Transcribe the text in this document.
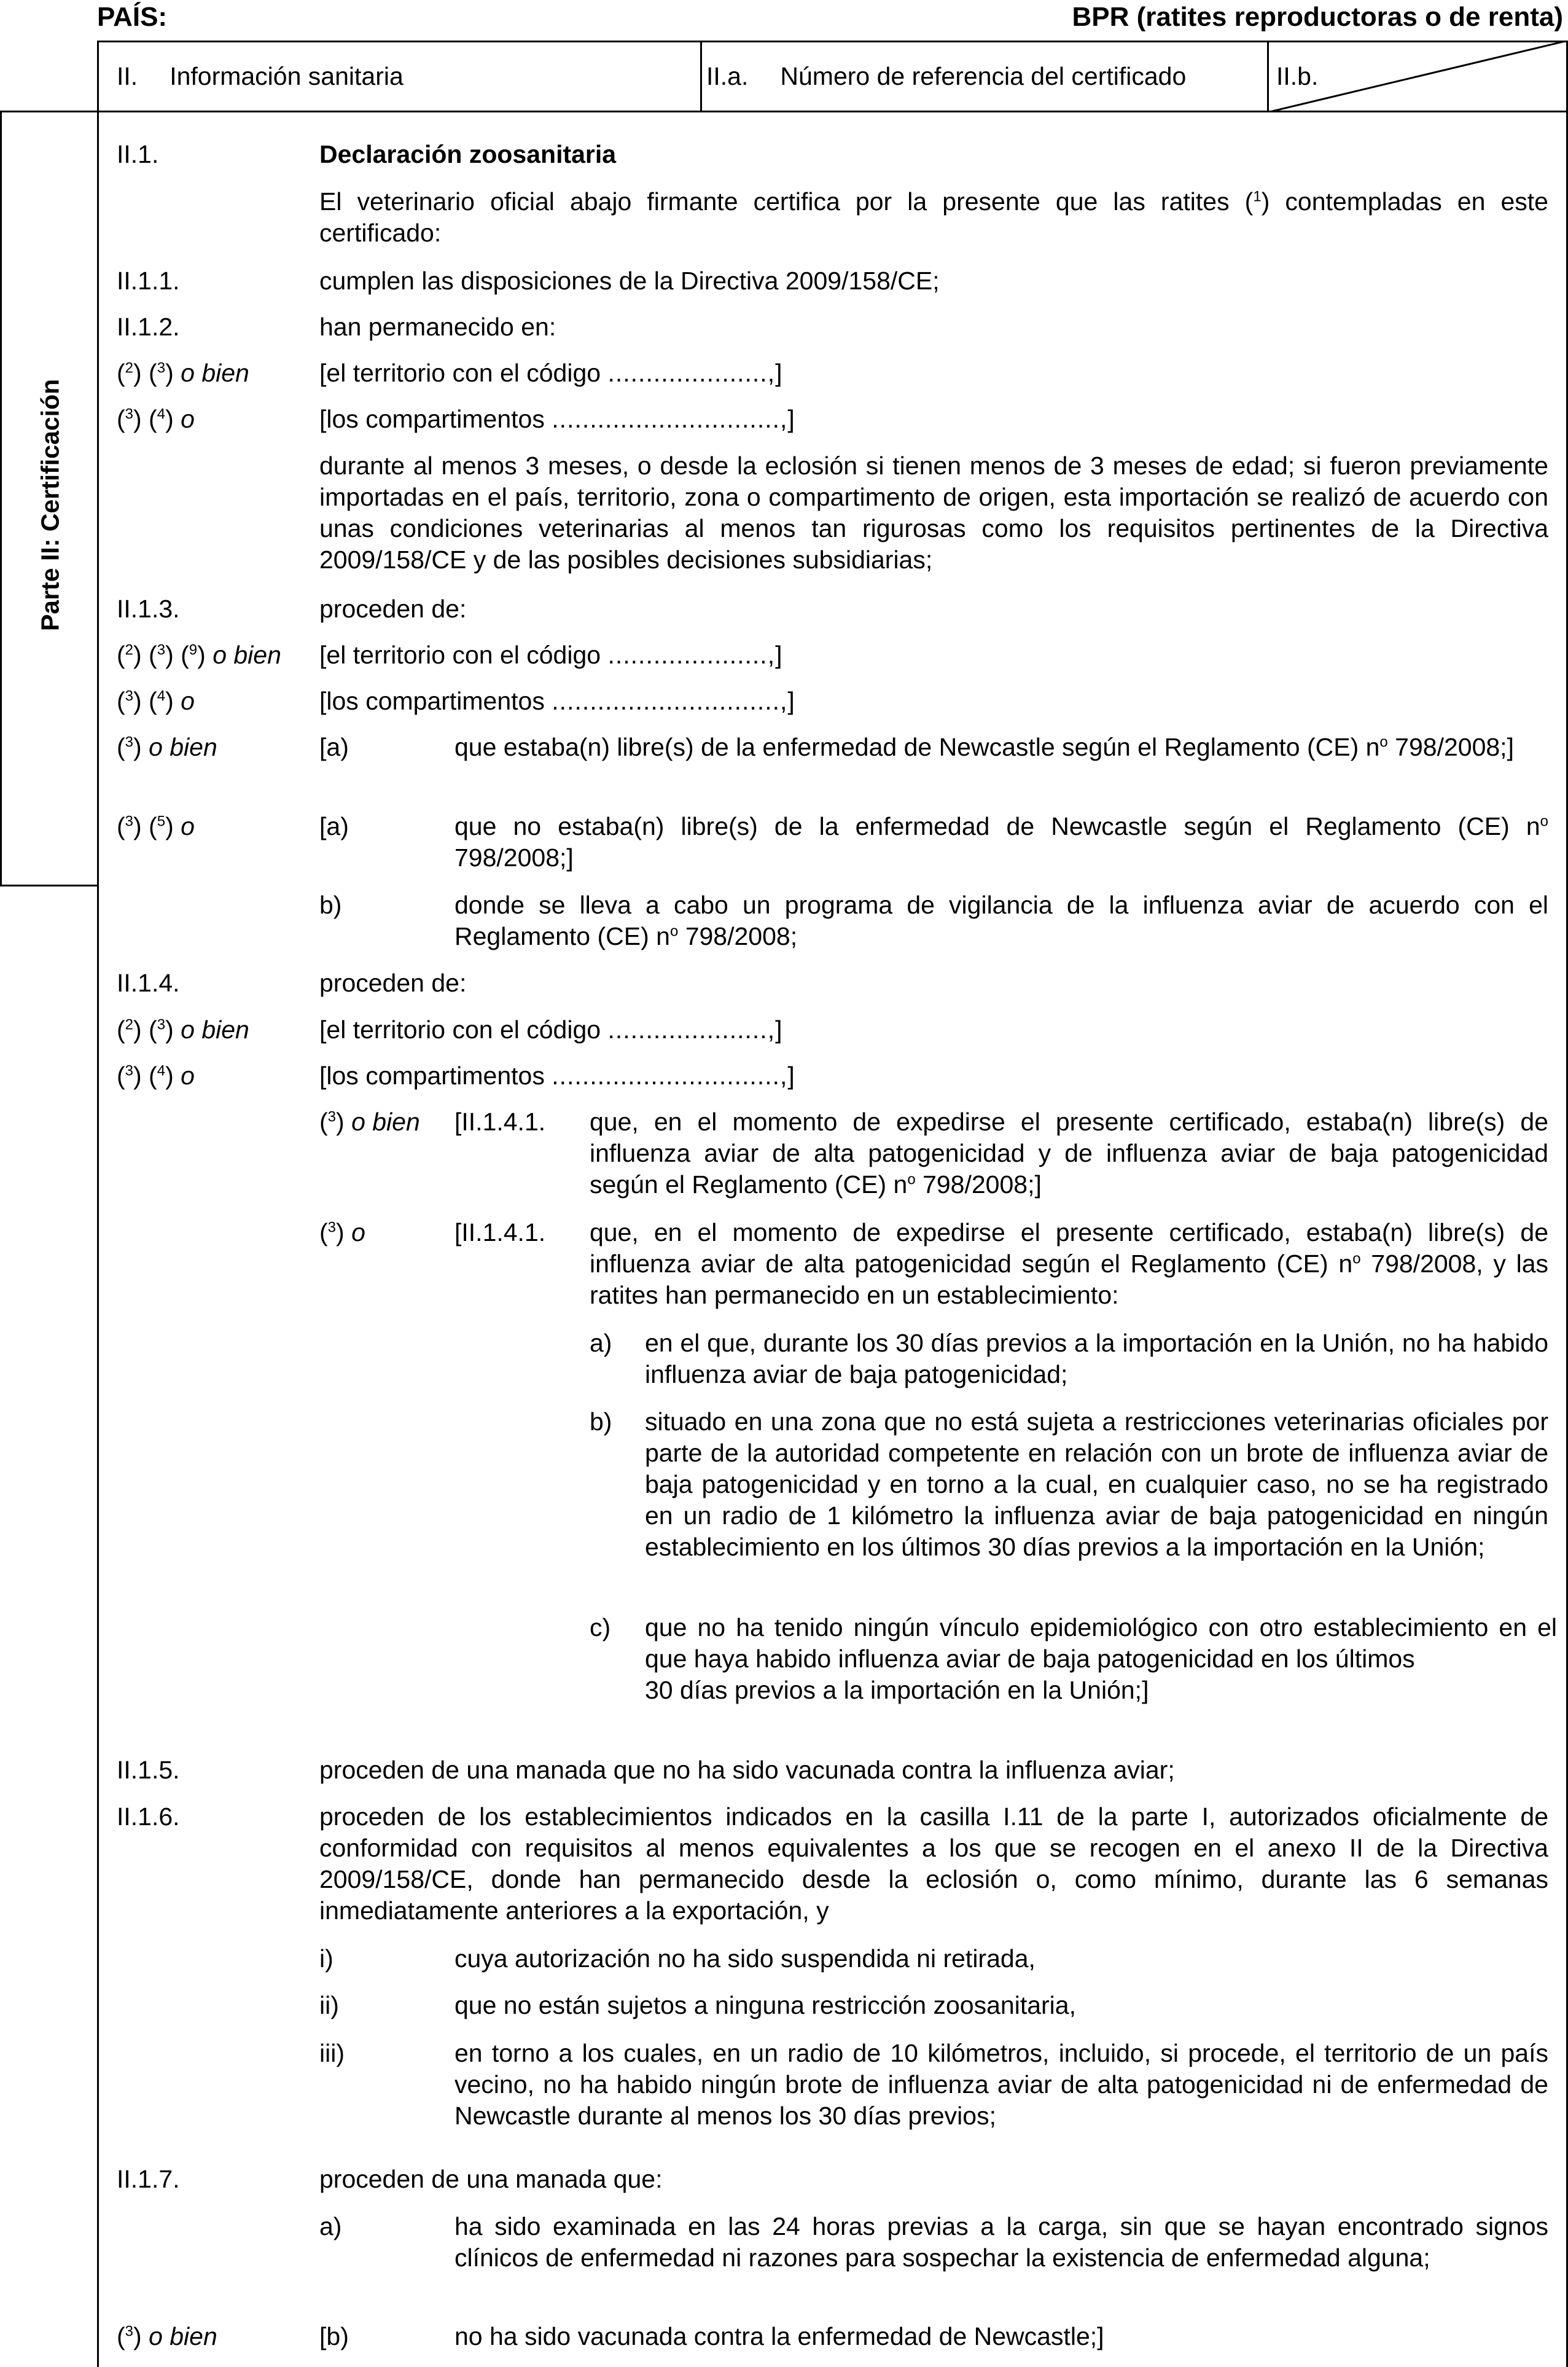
PAÍS:	BPR (ratites reproductoras o de renta)
Parte II: Certificación
II. Información sanitaria	II.a. Número de referencia del certificado	II.b.
II.1.	Declaración zoosanitaria
El veterinario oficial abajo firmante certifica por la presente que las ratites ($^1$) contempladas en este certificado:
II.1.1.	cumplen las disposiciones de la Directiva 2009/158/CE;
II.1.2.	han permanecido en:
($^2$) ($^3$) o bien	[el territorio con el código .....................,]
($^3$) ($^4$) o	[los compartimentos ..............................,]
durante al menos 3 meses, o desde la eclosión si tienen menos de 3 meses de edad; si fueron previamente importadas en el país, territorio, zona o compartimento de origen, esta importación se realizó de acuerdo con unas condiciones veterinarias al menos tan rigurosas como los requisitos pertinentes de la Directiva 2009/158/CE y de las posibles decisiones subsidiarias;
II.1.3.	proceden de:
($^2$) ($^3$) ($^9$) o bien [el territorio con el código .....................,]
($^3$) ($^4$) o	[los compartimentos ..............................,]
($^3$) o bien	[a)	que estaba(n) libre(s) de la enfermedad de Newcastle según el Reglamento (CE) $n^o$ 798/2008;]
($^3$) ($^5$) o	[a)	que no estaba(n) libre(s) de la enfermedad de Newcastle según el Reglamento (CE) $n^o$ 798/2008;]
b)	donde se lleva a cabo un programa de vigilancia de la influenza aviar de acuerdo con el Reglamento (CE) $n^o$ 798/2008;
II.1.4.	proceden de:
($^2$) ($^3$) o bien	[el territorio con el código .....................,]
($^3$) ($^4$) o	[los compartimentos ..............................,]
($^3$) o bien [II.1.4.1. que, en el momento de expedirse el presente certificado, estaba(n) libre(s) de influenza aviar de alta patogenicidad y de influenza aviar de baja patogenicidad según el Reglamento (CE) $n^o$ 798/2008;]
($^3$) o	[II.1.4.1. que, en el momento de expedirse el presente certificado, estaba(n) libre(s) de influenza aviar de alta patogenicidad según el Reglamento (CE) $n^o$ 798/2008, y las ratites han permanecido en un establecimiento:
a) en el que, durante los 30 días previos a la importación en la Unión, no ha habido influenza aviar de baja patogenicidad;
b) situado en una zona que no está sujeta a restricciones veterinarias oficiales por parte de la autoridad competente en relación con un brote de influenza aviar de baja patogenicidad y en torno a la cual, en cualquier caso, no se ha registrado en un radio de 1 kilómetro la influenza aviar de baja patogenicidad en ningún establecimiento en los últimos 30 días previos a la importación en la Unión;
c) que no ha tenido ningún vínculo epidemiológico con otro establecimiento en el que haya habido influenza aviar de baja patogenicidad en los últimos
30 días previos a la importación en la Unión;]
II.1.5.	proceden de una manada que no ha sido vacunada contra la influenza aviar;
II.1.6.	proceden de los establecimientos indicados en la casilla I.11 de la parte I, autorizados oficialmente de conformidad con requisitos al menos equivalentes a los que se recogen en el anexo II de la Directiva 2009/158/CE, donde han permanecido desde la eclosión o, como mínimo, durante las 6 semanas inmediatamente anteriores a la exportación, y
i)	cuya autorización no ha sido suspendida ni retirada,
ii)	que no están sujetos a ninguna restricción zoosanitaria,
iii)	en torno a los cuales, en un radio de 10 kilómetros, incluido, si procede, el territorio de un país vecino, no ha habido ningún brote de influenza aviar de alta patogenicidad ni de enfermedad de Newcastle durante al menos los 30 días previos;
II.1.7.	proceden de una manada que:
a)	ha sido examinada en las 24 horas previas a la carga, sin que se hayan encontrado signos clínicos de enfermedad ni razones para sospechar la existencia de enfermedad alguna;
($^3$) o bien	[b)	no ha sido vacunada contra la enfermedad de Newcastle;]
